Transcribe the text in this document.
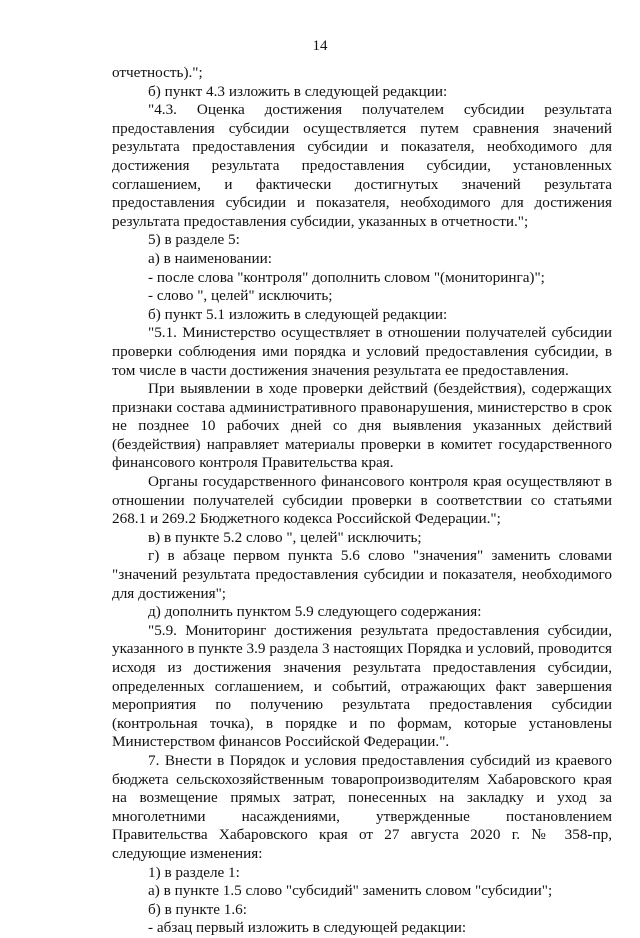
14

отчетность).";

б) пункт 4.3 изложить в следующей редакции:

"4.3. Оценка достижения получателем субсидии результата предоставления субсидии осуществляется путем сравнения значений результата предоставления субсидии и показателя, необходимого для достижения результата предоставления субсидии, установленных соглашением, и фактически достигнутых значений результата предоставления субсидии и показателя, необходимого для достижения результата предоставления субсидии, указанных в отчетности.";

5) в разделе 5:

а) в наименовании:

- после слова "контроля" дополнить словом "(мониторинга)";

- слово ", целей" исключить;

б) пункт 5.1 изложить в следующей редакции:

"5.1. Министерство осуществляет в отношении получателей субсидии проверки соблюдения ими порядка и условий предоставления субсидии, в том числе в части достижения значения результата ее предоставления.

При выявлении в ходе проверки действий (бездействия), содержащих признаки состава административного правонарушения, министерство в срок не позднее 10 рабочих дней со дня выявления указанных действий (бездействия) направляет материалы проверки в комитет государственного финансового контроля Правительства края.

Органы государственного финансового контроля края осуществляют в отношении получателей субсидии проверки в соответствии со статьями 268.1 и 269.2 Бюджетного кодекса Российской Федерации.";

в) в пункте 5.2 слово ", целей" исключить;

г) в абзаце первом пункта 5.6 слово "значения" заменить словами "значений результата предоставления субсидии и показателя, необходимого для достижения";

д) дополнить пунктом 5.9 следующего содержания:

"5.9. Мониторинг достижения результата предоставления субсидии, указанного в пункте 3.9 раздела 3 настоящих Порядка и условий, проводится исходя из достижения значения результата предоставления субсидии, определенных соглашением, и событий, отражающих факт завершения мероприятия по получению результата предоставления субсидии (контрольная точка), в порядке и по формам, которые установлены Министерством финансов Российской Федерации.".

7. Внести в Порядок и условия предоставления субсидий из краевого бюджета сельскохозяйственным товаропроизводителям Хабаровского края на возмещение прямых затрат, понесенных на закладку и уход за многолетними насаждениями, утвержденные постановлением Правительства Хабаровского края от 27 августа 2020 г. № 358-пр, следующие изменения:

1) в разделе 1:

а) в пункте 1.5 слово "субсидий" заменить словом "субсидии";

б) в пункте 1.6:

- абзац первый изложить в следующей редакции:
